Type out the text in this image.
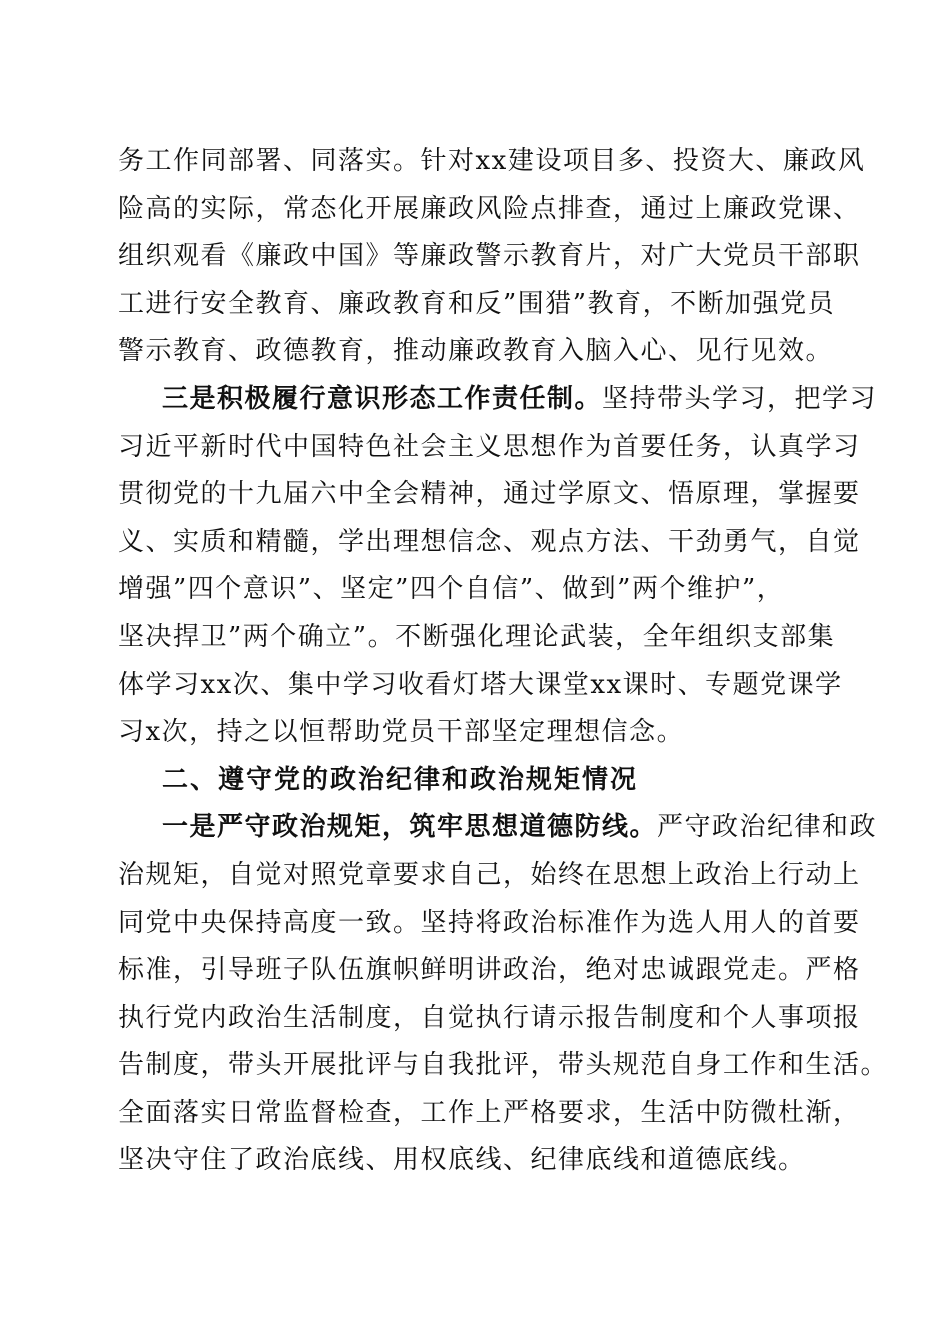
务工作同部署、同落实。针对xx建设项目多、投资大、廉政风
险高的实际，常态化开展廉政风险点排查，通过上廉政党课、
组织观看《廉政中国》等廉政警示教育片，对广大党员干部职
工进行安全教育、廉政教育和反”围猎”教育，不断加强党员
警示教育、政德教育，推动廉政教育入脑入心、见行见效。
三是积极履行意识形态工作责任制。坚持带头学习，把学习
习近平新时代中国特色社会主义思想作为首要任务，认真学习
贯彻党的十九届六中全会精神，通过学原文、悟原理，掌握要
义、实质和精髓，学出理想信念、观点方法、干劲勇气，自觉
增强”四个意识”、坚定”四个自信”、做到”两个维护”，
坚决捍卫”两个确立”。不断强化理论武装，全年组织支部集
体学习xx次、集中学习收看灯塔大课堂xx课时、专题党课学
习x次，持之以恒帮助党员干部坚定理想信念。
二、遵守党的政治纪律和政治规矩情况
一是严守政治规矩，筑牢思想道德防线。严守政治纪律和政
治规矩，自觉对照党章要求自己，始终在思想上政治上行动上
同党中央保持高度一致。坚持将政治标准作为选人用人的首要
标准，引导班子队伍旗帜鲜明讲政治，绝对忠诚跟党走。严格
执行党内政治生活制度，自觉执行请示报告制度和个人事项报
告制度，带头开展批评与自我批评，带头规范自身工作和生活。
全面落实日常监督检查，工作上严格要求，生活中防微杜渐，
坚决守住了政治底线、用权底线、纪律底线和道德底线。
